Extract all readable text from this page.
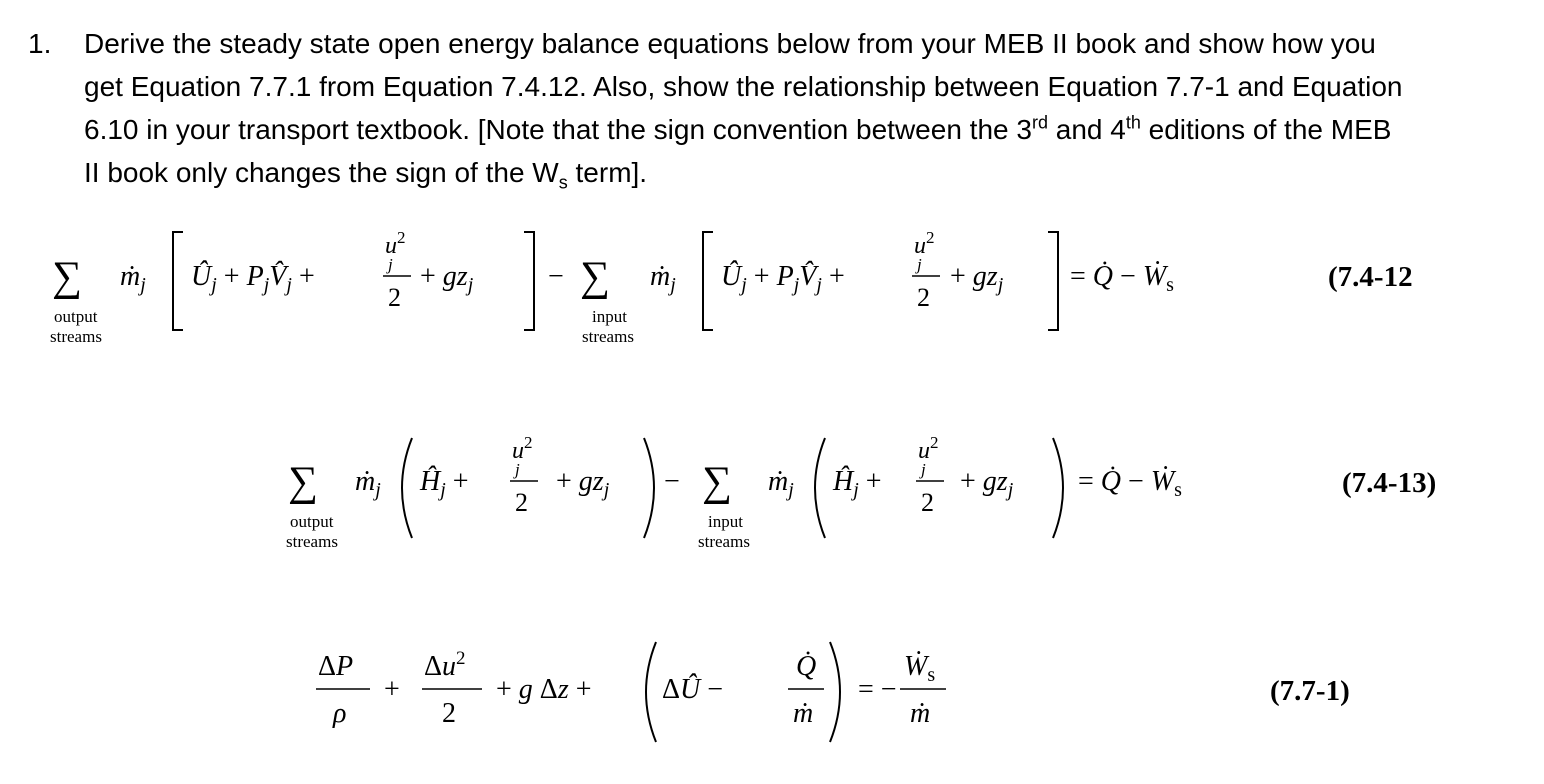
1. Derive the steady state open energy balance equations below from your MEB II book and show how you get Equation 7.7.1 from Equation 7.4.12. Also, show the relationship between Equation 7.7-1 and Equation 6.10 in your transport textbook. [Note that the sign convention between the 3rd and 4th editions of the MEB II book only changes the sign of the $W_s$ term].
∑ ṁ$_j$ $Û_j$ + $P_jV̂_j$ +
$u^2$
j
2
+ $gz_j$	− ∑ ṁ$_j$ $Û_j$ + $P_jV̂_j$ +
$u^2$
j
2
+ $gz_j$ = Q̇ − Ẇ$_s$
output
streams
input
streams
(7.4-12
∑ ṁ$_j$ $Ĥ_j$ +
$u^2$
j
2
+ $gz_j$ − ∑ ṁ$_j$ $Ĥ_j$ +
$u^2$
j
2
+ $gz_j$ = Q̇ − Ẇ$_s$
output
streams
input
streams
(7.4-13)
ΔP
ρ
+
$\Delta u^2$
2
+ g Δz +	ΔÛ −
Q̇
ṁ
= −
Ẇ$_s$
ṁ
(7.7-1)
